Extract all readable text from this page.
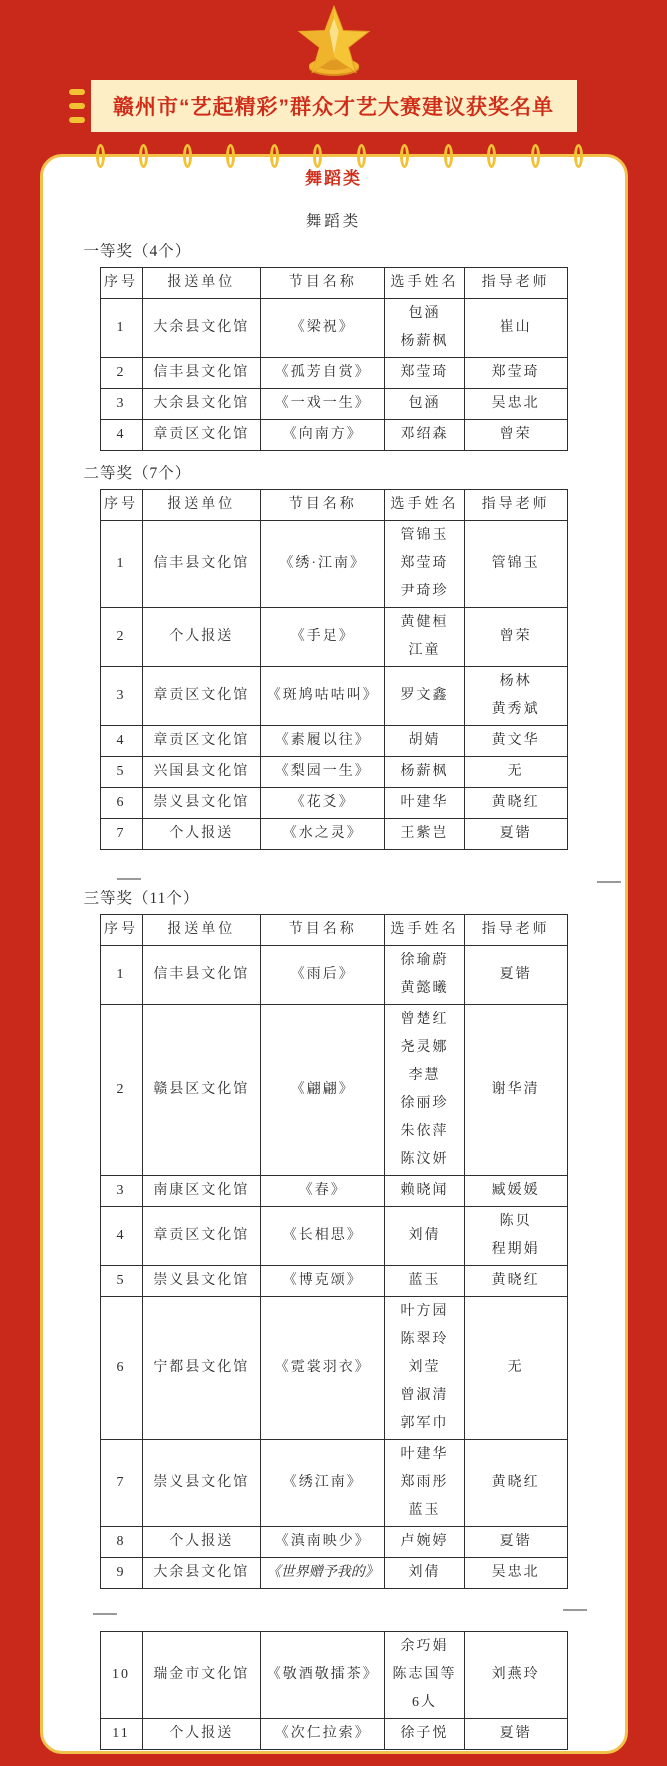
赣州市“艺起精彩”群众才艺大赛建议获奖名单
舞蹈类
舞蹈类
一等奖（4个）
序号	报送单位	节目名称	选手姓名	指导老师
1	大余县文化馆	《梁祝》	包涵
杨薪枫	崔山
2	信丰县文化馆	《孤芳自赏》	郑莹琦	郑莹琦
3	大余县文化馆	《一戏一生》	包涵	吴忠北
4	章贡区文化馆	《向南方》	邓绍森	曾荣
二等奖（7个）
序号	报送单位	节目名称	选手姓名	指导老师
1	信丰县文化馆	《绣·江南》	管锦玉
郑莹琦
尹琦珍	管锦玉
2	个人报送	《手足》	黄健桓
江童	曾荣
3	章贡区文化馆	《斑鸠咕咕叫》	罗文鑫	杨林
黄秀斌
4	章贡区文化馆	《素履以往》	胡婧	黄文华
5	兴国县文化馆	《梨园一生》	杨薪枫	无
6	崇义县文化馆	《花爻》	叶建华	黄晓红
7	个人报送	《水之灵》	王紫岂	夏锴
三等奖（11个）
序号	报送单位	节目名称	选手姓名	指导老师
1	信丰县文化馆	《雨后》	徐瑜蔚
黄懿曦	夏锴
2	赣县区文化馆	《翩翩》	曾楚红
尧灵娜
李慧
徐丽珍
朱依萍
陈汶妍	谢华清
3	南康区文化馆	《春》	赖晓闻	臧媛媛
4	章贡区文化馆	《长相思》	刘倩	陈贝
程期娟
5	崇义县文化馆	《博克颂》	蓝玉	黄晓红
6	宁都县文化馆	《霓裳羽衣》	叶方园
陈翠玲
刘莹
曾淑清
郭军巾	无
7	崇义县文化馆	《绣江南》	叶建华
郑雨彤
蓝玉	黄晓红
8	个人报送	《滇南映少》	卢婉婷	夏锴
9	大余县文化馆	《世界赠予我的》	刘倩	吴忠北
10	瑞金市文化馆	《敬酒敬擂茶》	余巧娟
陈志国等
6人	刘燕玲
11	个人报送	《次仁拉索》	徐子悦	夏锴
